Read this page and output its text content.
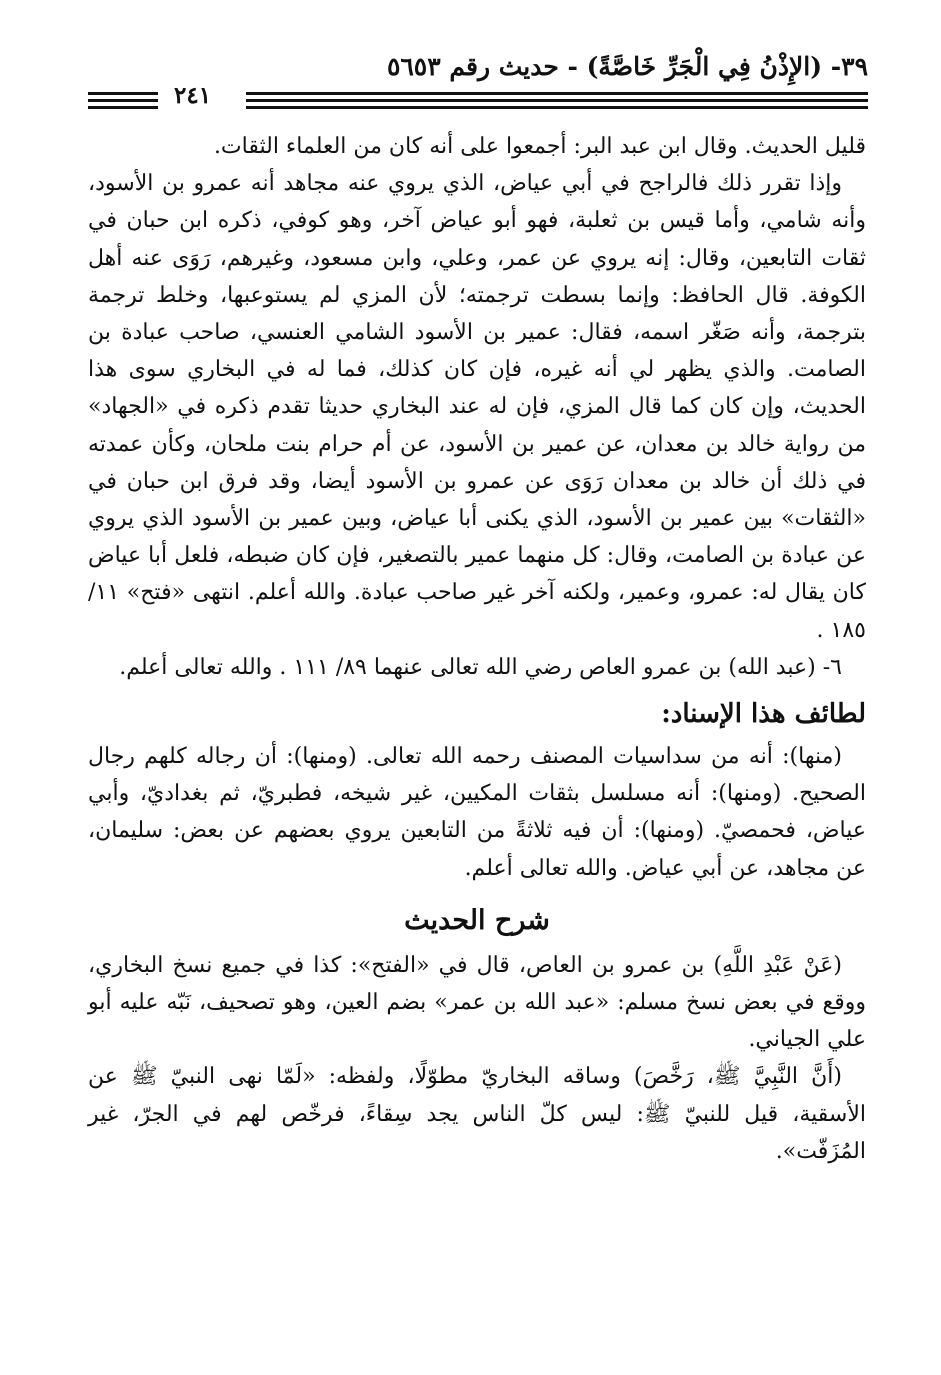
٣٩- (الإِذْنُ فِي الْجَرِّ خَاصَّةً) - حديث رقم ٥٦٥٣
٢٤١

قليل الحديث. وقال ابن عبد البر: أجمعوا على أنه كان من العلماء الثقات.

وإذا تقرر ذلك فالراجح في أبي عياض، الذي يروي عنه مجاهد أنه عمرو بن الأسود، وأنه شامي، وأما قيس بن ثعلبة، فهو أبو عياض آخر، وهو كوفي، ذكره ابن حبان في ثقات التابعين، وقال: إنه يروي عن عمر، وعلي، وابن مسعود، وغيرهم، رَوَى عنه أهل الكوفة. قال الحافظ: وإنما بسطت ترجمته؛ لأن المزي لم يستوعبها، وخلط ترجمة بترجمة، وأنه صَغّر اسمه، فقال: عمير بن الأسود الشامي العنسي، صاحب عبادة بن الصامت. والذي يظهر لي أنه غيره، فإن كان كذلك، فما له في البخاري سوى هذا الحديث، وإن كان كما قال المزي، فإن له عند البخاري حديثا تقدم ذكره في «الجهاد» من رواية خالد بن معدان، عن عمير بن الأسود، عن أم حرام بنت ملحان، وكأن عمدته في ذلك أن خالد بن معدان رَوَى عن عمرو بن الأسود أيضا، وقد فرق ابن حبان في «الثقات» بين عمير بن الأسود، الذي يكنى أبا عياض، وبين عمير بن الأسود الذي يروي عن عبادة بن الصامت، وقال: كل منهما عمير بالتصغير، فإن كان ضبطه، فلعل أبا عياض كان يقال له: عمرو، وعمير، ولكنه آخر غير صاحب عبادة. والله أعلم. انتهى «فتح» ١١/ ١٨٥ .

٦- (عبد الله) بن عمرو العاص رضي الله تعالى عنهما ٨٩/ ١١١ . والله تعالى أعلم.

لطائف هذا الإسناد:

(منها): أنه من سداسيات المصنف رحمه الله تعالى. (ومنها): أن رجاله كلهم رجال الصحيح. (ومنها): أنه مسلسل بثقات المكيين، غير شيخه، فطبريّ، ثم بغداديّ، وأبي عياض، فحمصيّ. (ومنها): أن فيه ثلاثةً من التابعين يروي بعضهم عن بعض: سليمان، عن مجاهد، عن أبي عياض. والله تعالى أعلم.

شرح الحديث

(عَنْ عَبْدِ اللَّهِ) بن عمرو بن العاص، قال في «الفتح»: كذا في جميع نسخ البخاري، ووقع في بعض نسخ مسلم: «عبد الله بن عمر» بضم العين، وهو تصحيف، نَبّه عليه أبو علي الجياني.

(أَنَّ النَّبِيَّ ﷺ، رَخَّصَ) وساقه البخاريّ مطوّلًا، ولفظه: «لَمّا نهى النبيّ ﷺ عن الأسقية، قيل للنبيّ ﷺ: ليس كلّ الناس يجد سِقاءً، فرخّص لهم في الجرّ، غير المُزَفّت».
